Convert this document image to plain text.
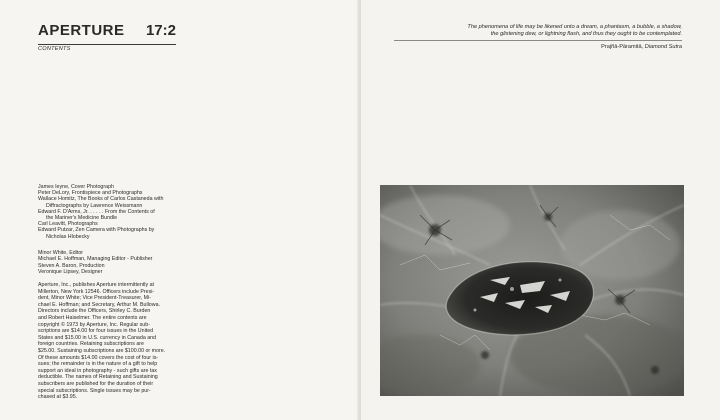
APERTURE 17:2
CONTENTS
James Ieyne, Cover Photograph
Peter DeLory, Frontispiece and Photographs
Wallace Homitz, The Books of Carlos Castaneda with
Diffractographs by Lawrence Weissmann
Edward F. D'Arms, Jr. . . . . . From the Contents of
the Mariner's Medicine Bundle
Carl Leavitt, Photographs
Edward Putzar, Zen Camera with Photographs by
Nicholas Hlobecky
Minor White, Editor
Michael E. Hoffman, Managing Editor - Publisher
Steven A. Baron, Production
Veronique Lipsey, Designer
Aperture, Inc., publishes Aperture intermittently at
Millerton, New York 12546. Officers include Presi-
dent, Minor White; Vice President-Treasurer, Mi-
chael E. Hoffman; and Secretary, Arthur M. Bullowa.
Directors include the Officers, Shirley C. Burden
and Robert Haiselmer. The entire contents are
copyright © 1973 by Aperture, Inc. Regular sub-
scriptions are $14.00 for four issues in the United
States and $15.00 in U.S. currency in Canada and
foreign countries. Retaining subscriptions are
$25.00. Sustaining subscriptions are $100.00 or more.
Of these amounts $14.00 covers the cost of four is-
sues; the remainder is in the nature of a gift to help
support an ideal in photography - such gifts are tax
deductible. The names of Retaining and Sustaining
subscribers are published for the duration of their
special subscriptions. Single issues may be pur-
chased at $3.95.
The phenomena of life may be likened unto a dream, a phantasm, a bubble, a shadow,
the glistening dew, or lightning flash, and thus they ought to be contemplated.
Prajñā-Pāramitā, Diamond Sutra
